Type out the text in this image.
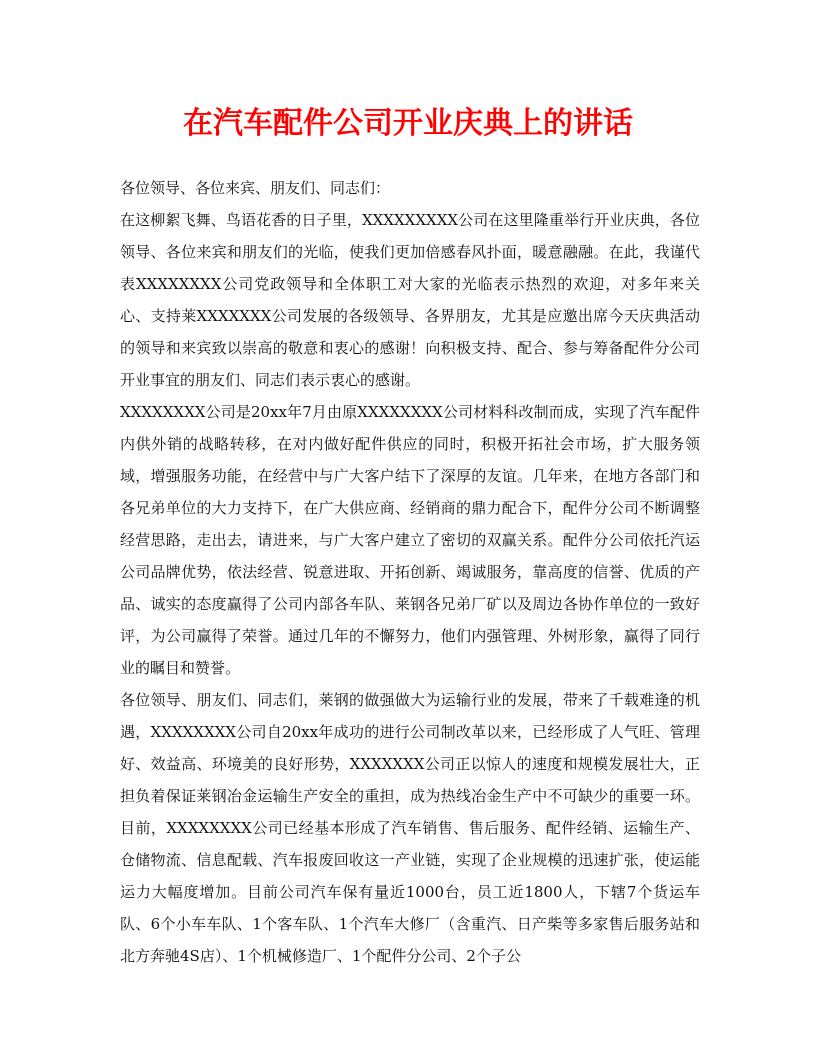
在汽车配件公司开业庆典上的讲话

各位领导、各位来宾、朋友们、同志们：

在这柳絮飞舞、鸟语花香的日子里，XXXXXXXXX公司在这里隆重举行开业庆典，各位领导、各位来宾和朋友们的光临，使我们更加倍感春风扑面，暖意融融。在此，我谨代表XXXXXXXX公司党政领导和全体职工对大家的光临表示热烈的欢迎，对多年来关心、支持莱XXXXXXX公司发展的各级领导、各界朋友，尤其是应邀出席今天庆典活动的领导和来宾致以崇高的敬意和衷心的感谢！向积极支持、配合、参与筹备配件分公司开业事宜的朋友们、同志们表示衷心的感谢。

XXXXXXXX公司是20xx年7月由原XXXXXXXX公司材料科改制而成，实现了汽车配件内供外销的战略转移，在对内做好配件供应的同时，积极开拓社会市场，扩大服务领域，增强服务功能，在经营中与广大客户结下了深厚的友谊。几年来，在地方各部门和各兄弟单位的大力支持下，在广大供应商、经销商的鼎力配合下，配件分公司不断调整经营思路，走出去，请进来，与广大客户建立了密切的双赢关系。配件分公司依托汽运公司品牌优势，依法经营、锐意进取、开拓创新、竭诚服务，靠高度的信誉、优质的产品、诚实的态度赢得了公司内部各车队、莱钢各兄弟厂矿以及周边各协作单位的一致好评，为公司赢得了荣誉。通过几年的不懈努力，他们内强管理、外树形象，赢得了同行业的瞩目和赞誉。

各位领导、朋友们、同志们，莱钢的做强做大为运输行业的发展，带来了千载难逢的机遇，XXXXXXXX公司自20xx年成功的进行公司制改革以来，已经形成了人气旺、管理好、效益高、环境美的良好形势，XXXXXXX公司正以惊人的速度和规模发展壮大，正担负着保证莱钢冶金运输生产安全的重担，成为热线冶金生产中不可缺少的重要一环。目前，XXXXXXXX公司已经基本形成了汽车销售、售后服务、配件经销、运输生产、仓储物流、信息配载、汽车报废回收这一产业链，实现了企业规模的迅速扩张，使运能运力大幅度增加。目前公司汽车保有量近1000台，员工近1800人，下辖7个货运车队、6个小车车队、1个客车队、1个汽车大修厂（含重汽、日产柴等多家售后服务站和北方奔驰4S店）、1个机械修造厂、1个配件分公司、2个子公
